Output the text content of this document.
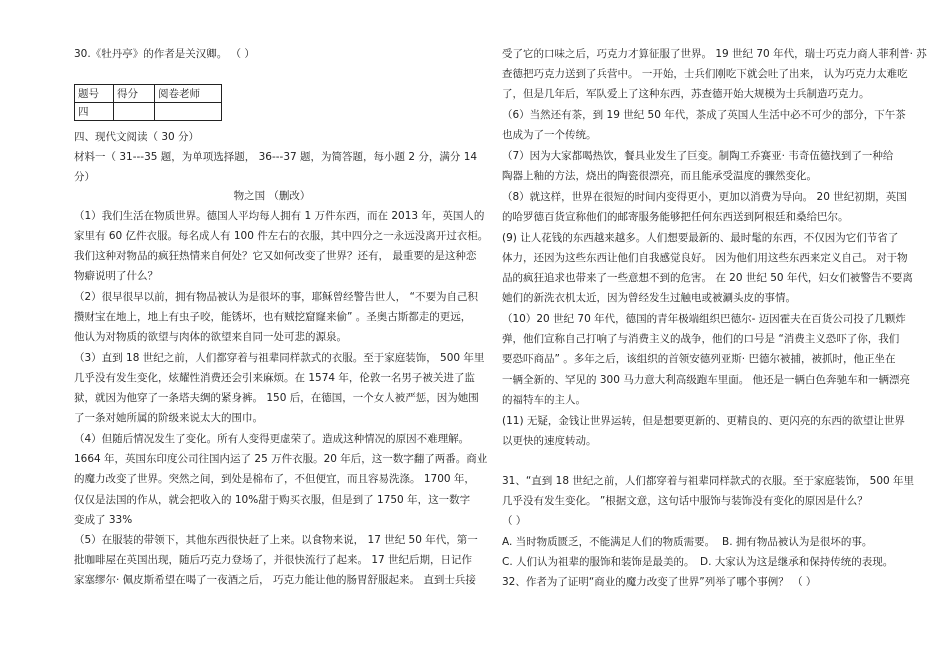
30.《牡丹亭》的作者是关汉卿。 （ ）
题号	得分	阅卷老师
四		
四、现代文阅读（ 30 分）
材料一（ 31---35 题，为单项选择题， 36---37 题，为简答题，每小题 2 分，满分 14
分）
物之国 （删改）
（1）我们生活在物质世界。德国人平均每人拥有 1 万件东西，而在 2013 年，英国人的
家里有 60 亿件衣服。每名成人有 100 件左右的衣服，其中四分之一永远没离开过衣柜。
我们这种对物品的疯狂热情来自何处？它又如何改变了世界？还有， 最重要的是这种恋
物癖说明了什么？
（2）很早很早以前，拥有物品被认为是很坏的事，耶稣曾经警告世人， “不要为自己积
攒财宝在地上，地上有虫子咬，能锈坏，也有贼挖窟窿来偷” 。圣奥古斯都走的更远，
他认为对物质的欲望与肉体的欲望来自同一处可悲的源泉。
（3）直到 18 世纪之前，人们都穿着与祖辈同样款式的衣服。至于家庭装饰， 500 年里
几乎没有发生变化，炫耀性消费还会引来麻烦。在 1574 年，伦敦一名男子被关进了监
狱，就因为他穿了一条塔夫绸的紧身裤。 150 后，在德国，一个女人被严惩，因为她围
了一条对她所属的阶级来说太大的围巾。
（4）但随后情况发生了变化。所有人变得更虚荣了。造成这种情况的原因不难理解。
1664 年，英国东印度公司往国内运了 25 万件衣服。20 年后，这一数字翻了两番。商业
的魔力改变了世界。突然之间，到处是棉布了，不但便宜，而且容易洗涤。 1700 年，
仅仅是法国的作从，就会把收入的 10%甜于购买衣服，但是到了 1750 年，这一数字
变成了 33%
（5）在服装的带领下，其他东西很快赶了上来。以食物来说， 17 世纪 50 年代，第一
批咖啡屋在英国出现，随后巧克力登场了，并很快流行了起来。 17 世纪后期，日记作
家塞缪尔· 佩皮斯希望在喝了一夜酒之后， 巧克力能让他的肠胃舒服起来。 直到士兵接
受了它的口味之后，巧克力才算征服了世界。 19 世纪 70 年代，瑞士巧克力商人菲利普· 苏
查德把巧克力送到了兵营中。 一开始，士兵们刚吃下就会吐了出来， 认为巧克力太难吃
了，但是几年后，军队爱上了这种东西，苏查德开始大规模为士兵制造巧克力。
（6）当然还有茶，到 19 世纪 50 年代，茶成了英国人生活中必不可少的部分，下午茶
也成为了一个传统。
（7）因为大家都喝热饮，餐具业发生了巨变。制陶工乔赛亚· 韦奇伍德找到了一种给
陶器上釉的方法，烧出的陶瓷很漂亮，而且能承受温度的骤然变化。
（8）就这样，世界在很短的时间内变得更小，更加以消费为导向。 20 世纪初期，英国
的哈罗德百货宣称他们的邮寄服务能够把任何东西送到阿根廷和桑给巴尔。
(9) 让人花钱的东西越来越多。人们想要最新的、最时髦的东西，不仅因为它们节省了
体力，还因为这些东西让他们自我感觉良好。 因为他们用这些东西来定义自己。 对于物
品的疯狂追求也带来了一些意想不到的危害。 在 20 世纪 50 年代，妇女们被警告不要离
她们的新洗衣机太近，因为曾经发生过触电或被涮头皮的事情。
（10）20 世纪 70 年代，德国的青年极端组织巴德尔- 迈因霍夫在百货公司投了几颗炸
弹，他们宣称自己打响了与消费主义的战争，他们的口号是 “消费主义恐吓了你，我们
要恐吓商品” 。多年之后，该组织的首领安德列亚斯· 巴德尔被捕，被抓时，他正坐在
一辆全新的、罕见的 300 马力意大利高级跑车里面。 他还是一辆白色奔驰车和一辆漂亮
的福特车的主人。
(11) 无疑，金钱让世界运转，但是想要更新的、更精良的、更闪亮的东西的欲望让世界
以更快的速度转动。
31、“直到 18 世纪之前，人们都穿着与祖辈同样款式的衣服。至于家庭装饰， 500 年里
几乎没有发生变化。 ”根据文意，这句话中服饰与装饰没有变化的原因是什么？
（ ）
A. 当时物质匮乏，不能满足人们的物质需要。 B. 拥有物品被认为是很坏的事。
C. 人们认为祖辈的服饰和装饰是最美的。 D. 大家认为这是继承和保持传统的表现。
32、作者为了证明“商业的魔力改变了世界”列举了哪个事例？ （ ）
